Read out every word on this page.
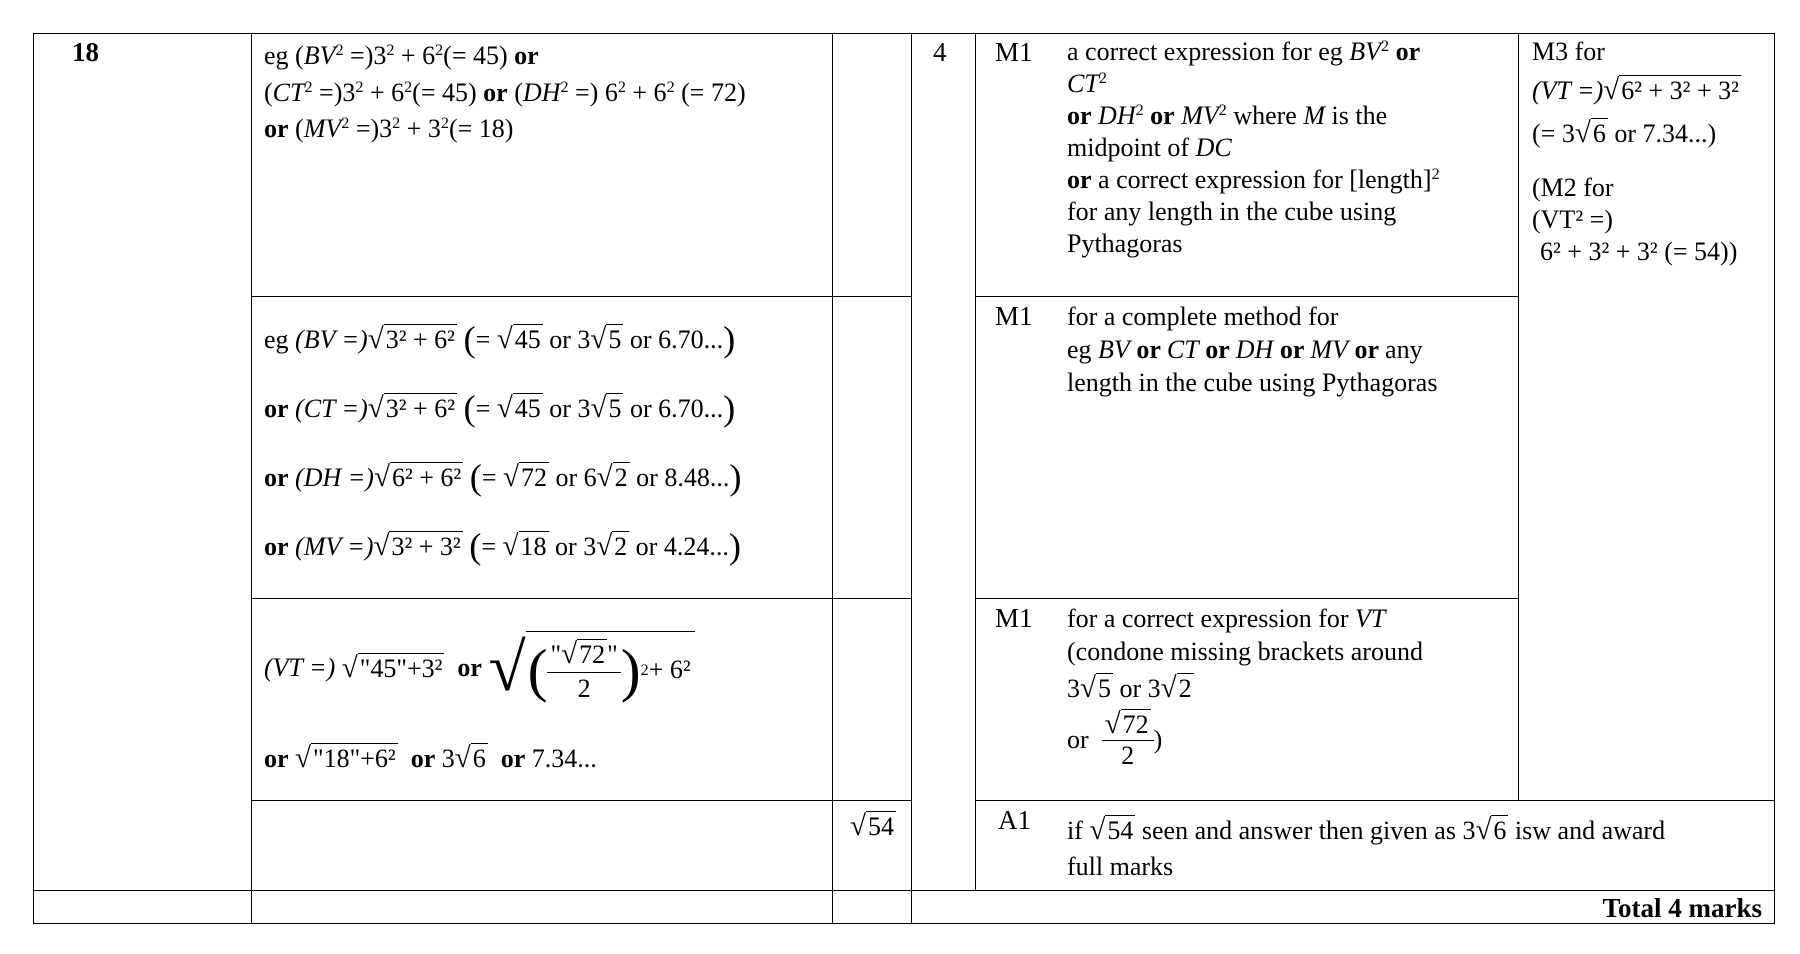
18	eg $(BV^2 =)3^2 + 6^2(= 45)$ or
$(CT^2 =)3^2 + 6^2(= 45)$ or ($DH^2$ =) $6^2 + 6^2$ (= 72)
or $(MV^2 =)3^2 + 3^2(= 18)$
4 M1 a correct expression for eg $BV^2$ or
$CT^2$
or $DH^2$ or $MV^2$ where M is the
midpoint of DC
or a correct expression for [length]$^2$
for any length in the cube using
Pythagoras
M3 for
(VT =)√6² + 3² + 3²
(= 3√6 or 7.34...)
(M2 for
(VT² =)
6² + 3² + 3² (= 54))
eg (BV =)√3² + 6² (= √45 or 3√5 or 6.70...)
or (CT =)√3² + 6² (= √45 or 3√5 or 6.70...)
or (DH =)√6² + 6² (= √72 or 6√2 or 8.48...)
or (MV =)√3² + 3² (= √18 or 3√2 or 4.24...)
M1 for a complete method for
eg BV or CT or DH or MV or any
length in the cube using Pythagoras
(VT =)
√"45"+3²
or
√ ( $\frac{"√72"}{2}$ ) 2 + 6²
or √"18"+6² or 3√6 or 7.34...
M1 for a correct expression for VT
(condone missing brackets around
3√5 or 3√2
or
$\frac{√72}{2}$ )
√54	A1 if √54 seen and answer then given as 3√6 isw and award
full marks
Total 4 marks
